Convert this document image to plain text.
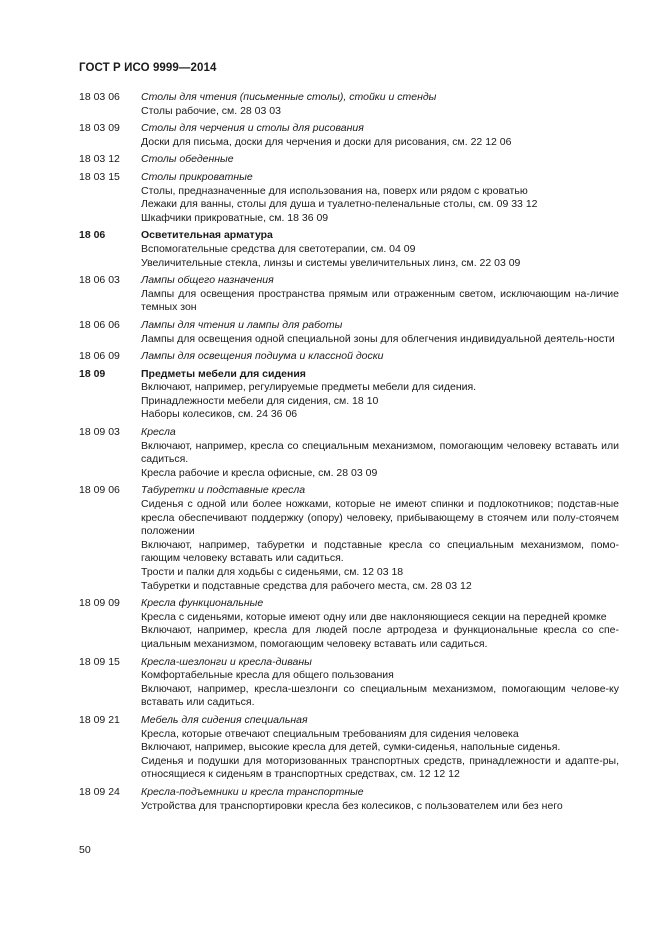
ГОСТ Р ИСО 9999—2014
18 03 06	Столы для чтения (письменные столы), стойки и стенды
Столы рабочие, см. 28 03 03
18 03 09	Столы для черчения и столы для рисования
Доски для письма, доски для черчения и доски для рисования, см. 22 12 06
18 03 12	Столы обеденные
18 03 15	Столы прикроватные
Столы, предназначенные для использования на, поверх или рядом с кроватью
Лежаки для ванны, столы для душа и туалетно-пеленальные столы, см. 09 33 12
Шкафчики прикроватные, см. 18 36 09
18 06	Осветительная арматура
Вспомогательные средства для светотерапии, см. 04 09
Увеличительные стекла, линзы и системы увеличительных линз, см. 22 03 09
18 06 03	Лампы общего назначения
Лампы для освещения пространства прямым или отраженным светом, исключающим на-личие темных зон
18 06 06	Лампы для чтения и лампы для работы
Лампы для освещения одной специальной зоны для облегчения индивидуальной деятель-ности
18 06 09	Лампы для освещения подиума и классной доски
18 09	Предметы мебели для сидения
Включают, например, регулируемые предметы мебели для сидения.
Принадлежности мебели для сидения, см. 18 10
Наборы колесиков, см. 24 36 06
18 09 03	Кресла
Включают, например, кресла со специальным механизмом, помогающим человеку вставать или садиться.
Кресла рабочие и кресла офисные, см. 28 03 09
18 09 06	Табуретки и подставные кресла
Сиденья с одной или более ножками, которые не имеют спинки и подлокотников; подстав-ные кресла обеспечивают поддержку (опору) человеку, прибывающему в стоячем или полу-стоячем положении
Включают, например, табуретки и подставные кресла со специальным механизмом, помо-гающим человеку вставать или садиться.
Трости и палки для ходьбы с сиденьями, см. 12 03 18
Табуретки и подставные средства для рабочего места, см. 28 03 12
18 09 09	Кресла функциональные
Кресла с сиденьями, которые имеют одну или две наклоняющиеся секции на передней кромке
Включают, например, кресла для людей после артродеза и функциональные кресла со спе-циальным механизмом, помогающим человеку вставать или садиться.
18 09 15	Кресла-шезлонги и кресла-диваны
Комфортабельные кресла для общего пользования
Включают, например, кресла-шезлонги со специальным механизмом, помогающим челове-ку вставать или садиться.
18 09 21	Мебель для сидения специальная
Кресла, которые отвечают специальным требованиям для сидения человека
Включают, например, высокие кресла для детей, сумки-сиденья, напольные сиденья.
Сиденья и подушки для моторизованных транспортных средств, принадлежности и адапте-ры, относящиеся к сиденьям в транспортных средствах, см. 12 12 12
18 09 24	Кресла-подъемники и кресла транспортные
Устройства для транспортировки кресла без колесиков, с пользователем или без него
50
